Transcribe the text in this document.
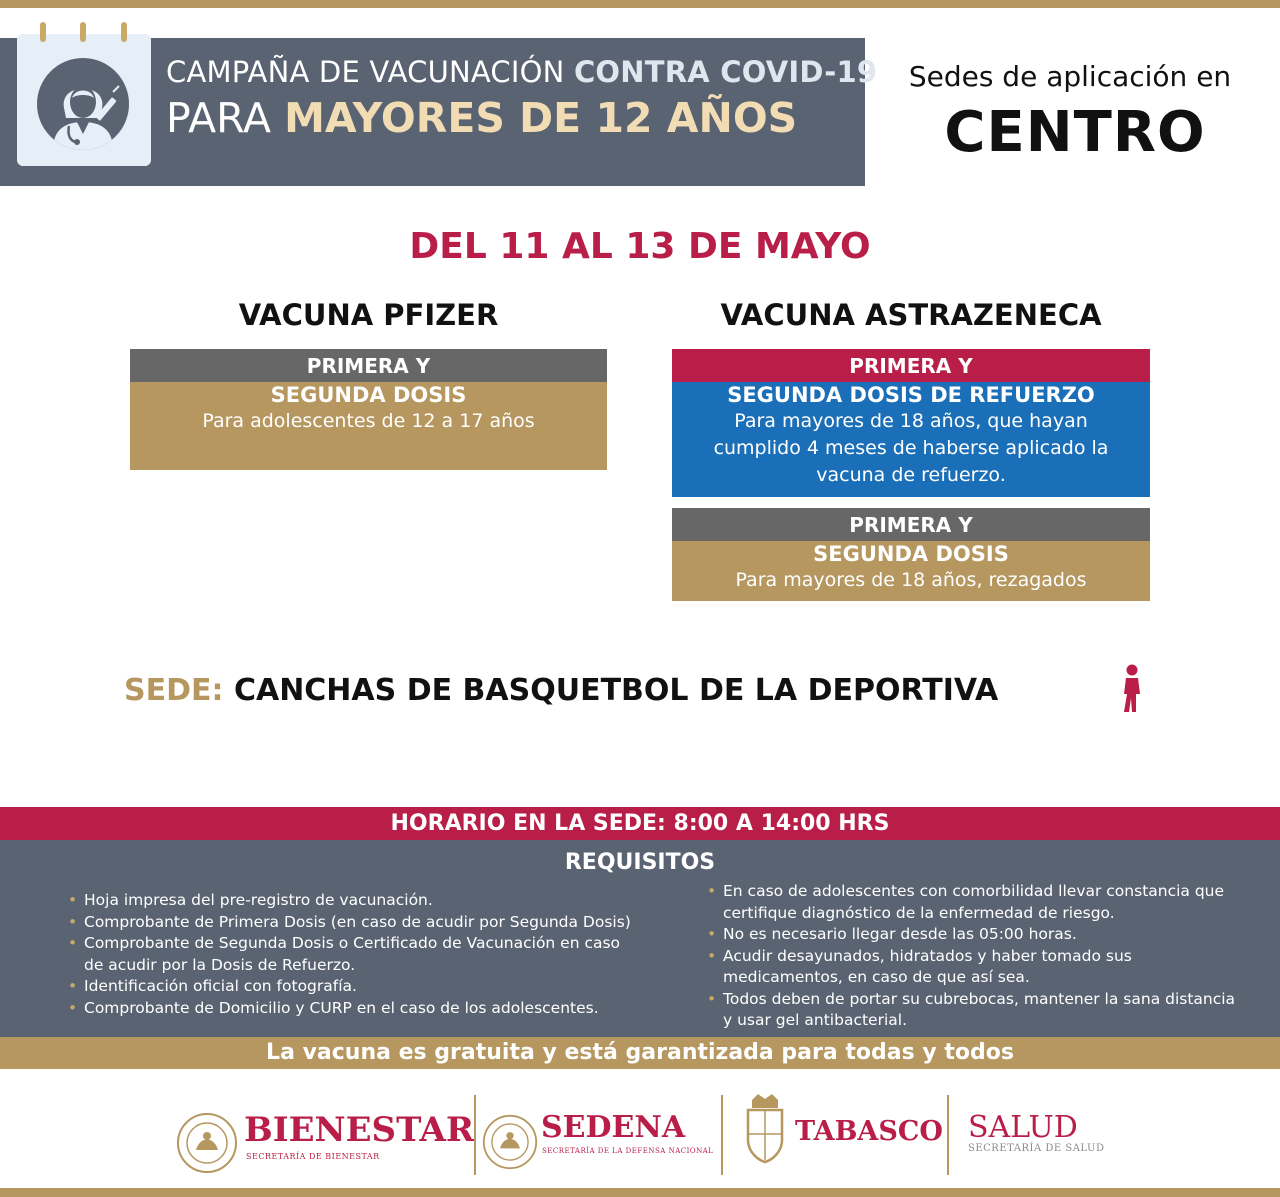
CAMPAÑA DE VACUNACIÓN CONTRA COVID-19
PARA MAYORES DE 12 AÑOS
Sedes de aplicación en
CENTRO
DEL 11 AL 13 DE MAYO
VACUNA PFIZER
PRIMERA Y
SEGUNDA DOSIS
Para adolescentes de 12 a 17 años
VACUNA ASTRAZENECA
PRIMERA Y
SEGUNDA DOSIS DE REFUERZO
Para mayores de 18 años, que hayan
cumplido 4 meses de haberse aplicado la
vacuna de refuerzo.
PRIMERA Y
SEGUNDA DOSIS
Para mayores de 18 años, rezagados
SEDE: CANCHAS DE BASQUETBOL DE LA DEPORTIVA
HORARIO EN LA SEDE: 8:00 A 14:00 HRS
REQUISITOS
• Hoja impresa del pre-registro de vacunación.
• Comprobante de Primera Dosis (en caso de acudir por Segunda Dosis)
• Comprobante de Segunda Dosis o Certificado de Vacunación en caso de acudir por la Dosis de Refuerzo.
• Identificación oficial con fotografía.
• Comprobante de Domicilio y CURP en el caso de los adolescentes.
• En caso de adolescentes con comorbilidad llevar constancia que certifique diagnóstico de la enfermedad de riesgo.
• No es necesario llegar desde las 05:00 horas.
• Acudir desayunados, hidratados y haber tomado sus medicamentos, en caso de que así sea.
• Todos deben de portar su cubrebocas, mantener la sana distancia y usar gel antibacterial.
La vacuna es gratuita y está garantizada para todas y todos
BIENESTAR
SECRETARÍA DE BIENESTAR
SEDENA
SECRETARÍA DE LA DEFENSA NACIONAL
TABASCO SALUD
SECRETARÍA DE SALUD
